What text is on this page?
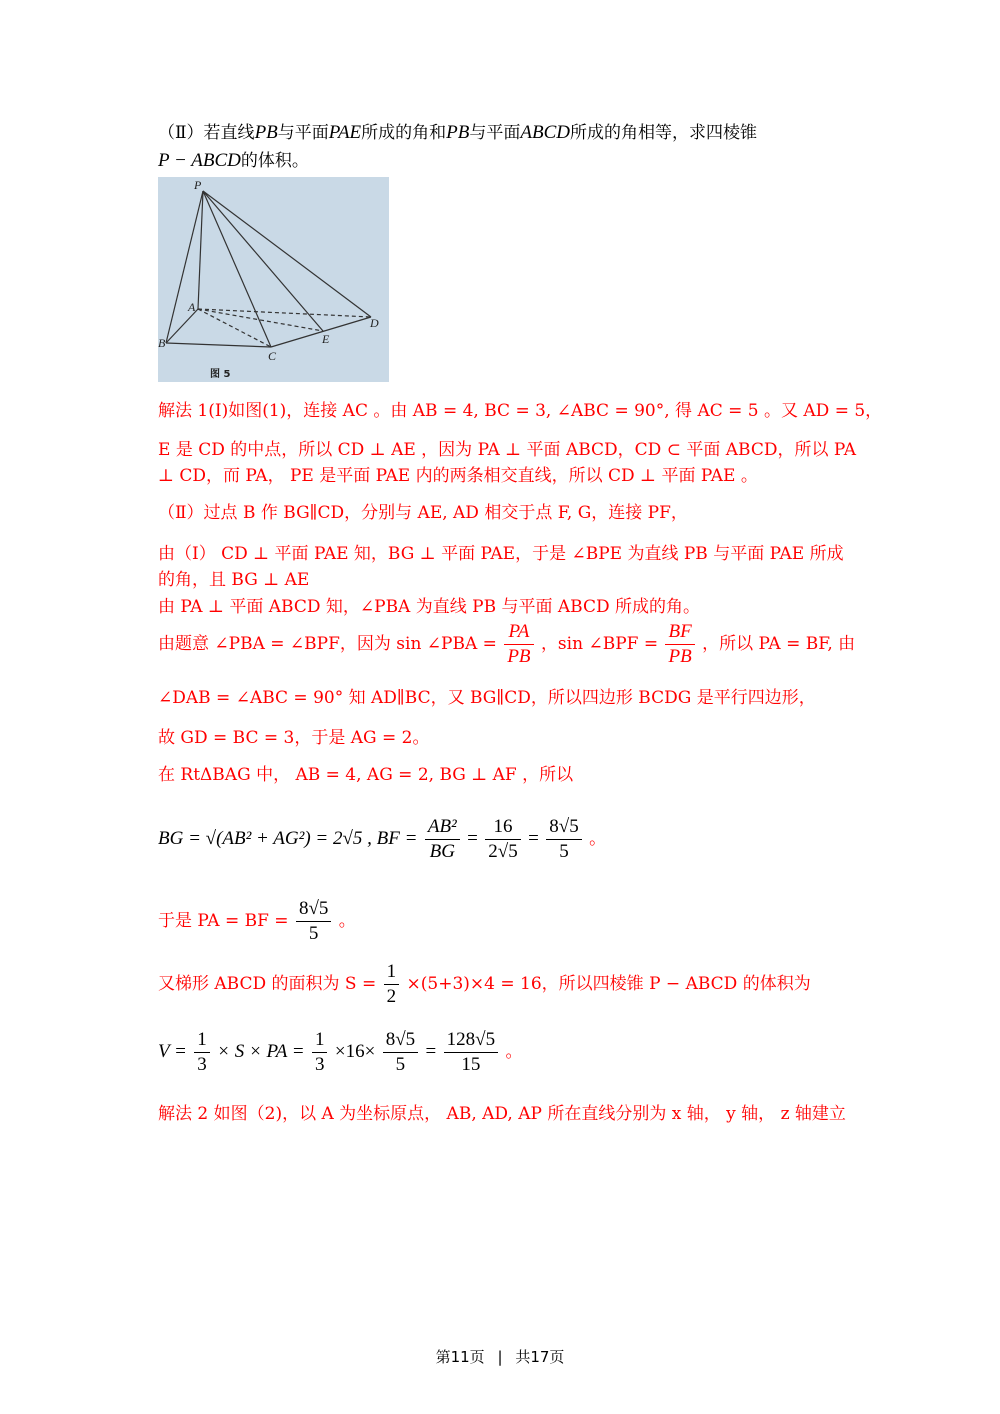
（Ⅱ）若直线PB与平面PAE所成的角和PB与平面ABCD所成的角相等，求四棱锥
P − ABCD的体积。
P
A
B
C
E
D
图 5
解法 1(Ⅰ)如图(1)，连接 AC 。由 AB = 4, BC = 3, ∠ABC = 90°, 得 AC = 5 。又 AD = 5，
E 是 CD 的中点，所以 CD ⊥ AE ，因为 PA ⊥ 平面 ABCD，CD ⊂ 平面 ABCD，所以 PA
⊥ CD，而 PA， PE 是平面 PAE 内的两条相交直线，所以 CD ⊥ 平面 PAE 。
（Ⅱ）过点 B 作 BG∥CD，分别与 AE, AD 相交于点 F, G，连接 PF，
由（Ⅰ） CD ⊥ 平面 PAE 知，BG ⊥ 平面 PAE，于是 ∠BPE 为直线 PB 与平面 PAE 所成
的角，且 BG ⊥ AE
由 PA ⊥ 平面 ABCD 知，∠PBA 为直线 PB 与平面 ABCD 所成的角。
由题意 ∠PBA = ∠BPF，因为 sin ∠PBA = $\frac{PA}{PB}$ ，sin ∠BPF = $\frac{BF}{PB}$ ，所以 PA = BF, 由
∠DAB = ∠ABC = 90° 知 AD∥BC，又 BG∥CD，所以四边形 BCDG 是平行四边形，
故 GD = BC = 3，于是 AG = 2。
在 RtΔBAG 中， AB = 4, AG = 2, BG ⊥ AF ，所以
BG = √(AB² + AG²) = 2√5 , BF = $\frac{\text{AB²}}{BG} = \frac{16}{2√5} = \frac{8√5}{5}$ 。
于是 PA = BF = $\frac{8√5}{5}$ 。
又梯形 ABCD 的面积为 $S = \frac{1}{2} \times(5+3)\times 4 = 16$，所以四棱锥 P − ABCD 的体积为
$V = \frac{1}{3} \times S$ × PA = $\frac{1}{3} \times 16\times \frac{8√5}{5} = \frac{128√5}{15}$ 。
解法 2 如图（2)，以 A 为坐标原点， AB, AD, AP 所在直线分别为 x 轴， y 轴， z 轴建立
第11页 | 共17页
